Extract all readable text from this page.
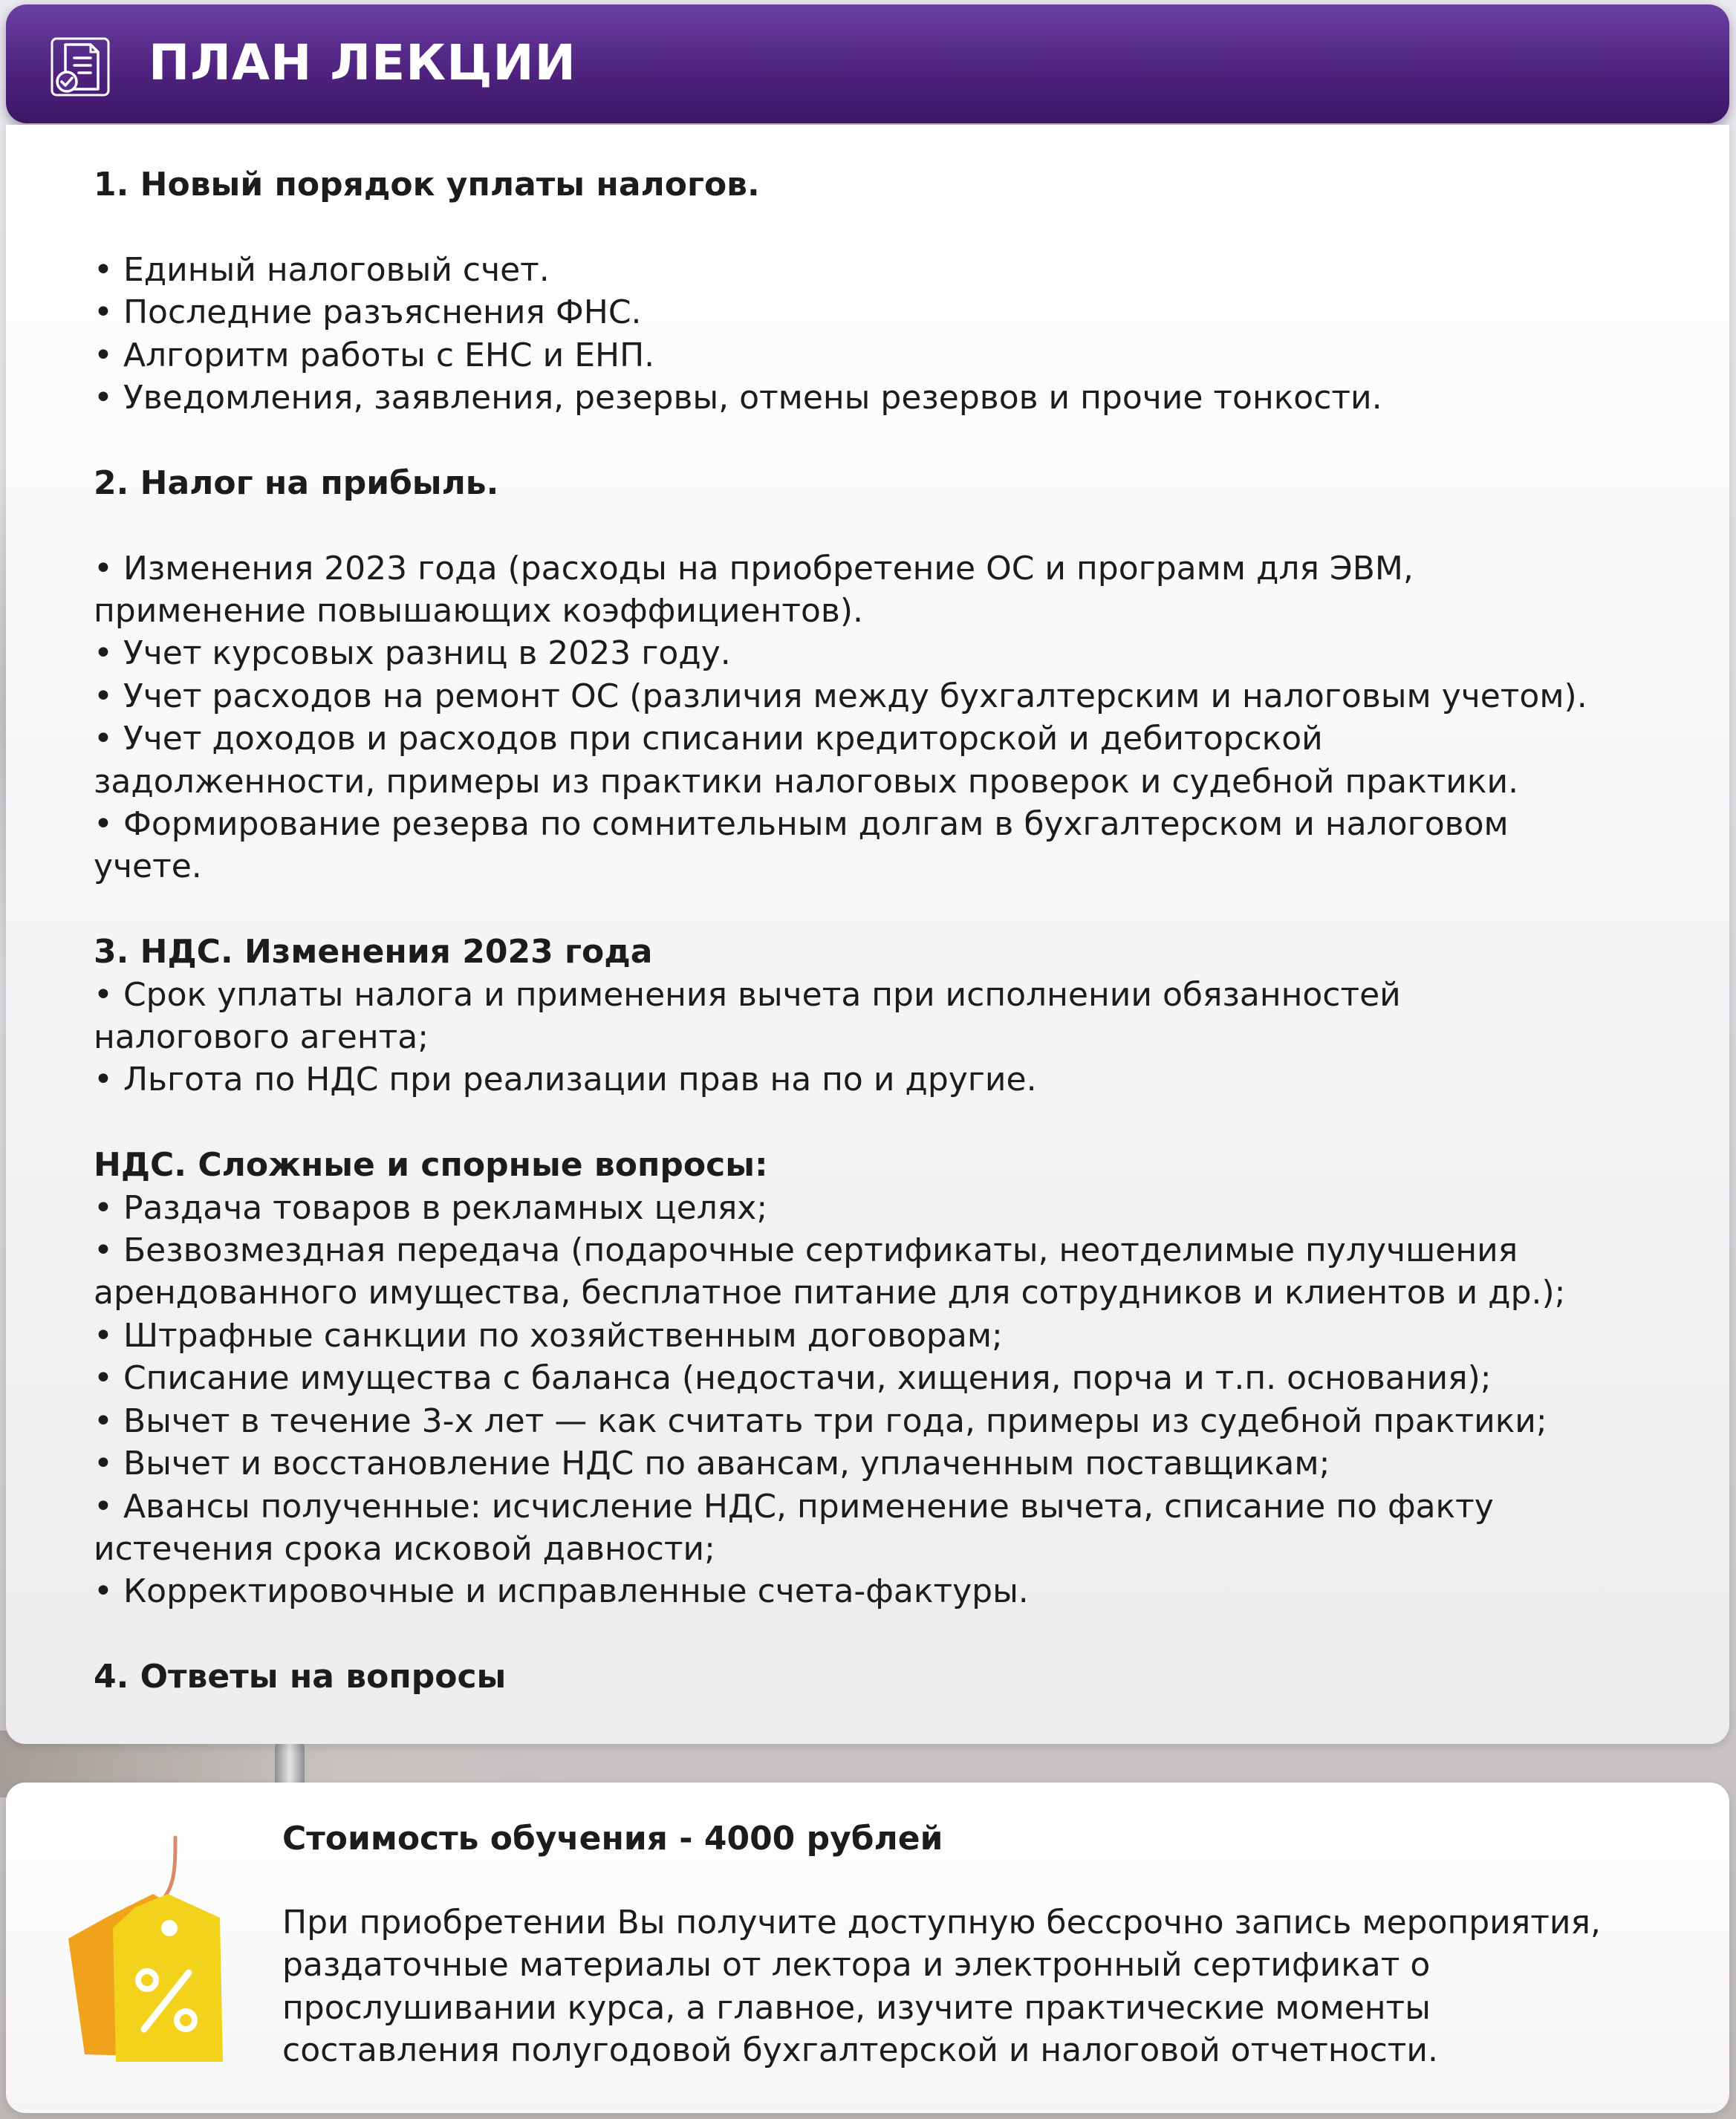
ПЛАН ЛЕКЦИИ
1. Новый порядок уплаты налогов.
• Единый налоговый счет.
• Последние разъяснения ФНС.
• Алгоритм работы с ЕНС и ЕНП.
• Уведомления, заявления, резервы, отмены резервов и прочие тонкости.
2. Налог на прибыль.
• Изменения 2023 года (расходы на приобретение ОС и программ для ЭВМ,
применение повышающих коэффициентов).
• Учет курсовых разниц в 2023 году.
• Учет расходов на ремонт ОС (различия между бухгалтерским и налоговым учетом).
• Учет доходов и расходов при списании кредиторской и дебиторской
задолженности, примеры из практики налоговых проверок и судебной практики.
• Формирование резерва по сомнительным долгам в бухгалтерском и налоговом
учете.
3. НДС. Изменения 2023 года
• Срок уплаты налога и применения вычета при исполнении обязанностей
налогового агента;
• Льгота по НДС при реализации прав на по и другие.
НДС. Сложные и спорные вопросы:
• Раздача товаров в рекламных целях;
• Безвозмездная передача (подарочные сертификаты, неотделимые пулучшения
арендованного имущества, бесплатное питание для сотрудников и клиентов и др.);
• Штрафные санкции по хозяйственным договорам;
• Списание имущества с баланса (недостачи, хищения, порча и т.п. основания);
• Вычет в течение 3-х лет — как считать три года, примеры из судебной практики;
• Вычет и восстановление НДС по авансам, уплаченным поставщикам;
• Авансы полученные: исчисление НДС, применение вычета, списание по факту
истечения срока исковой давности;
• Корректировочные и исправленные счета-фактуры.
4. Ответы на вопросы
Стоимость обучения - 4000 рублей
При приобретении Вы получите доступную бессрочно запись мероприятия,
раздаточные материалы от лектора и электронный сертификат о
прослушивании курса, а главное, изучите практические моменты
составления полугодовой бухгалтерской и налоговой отчетности.
